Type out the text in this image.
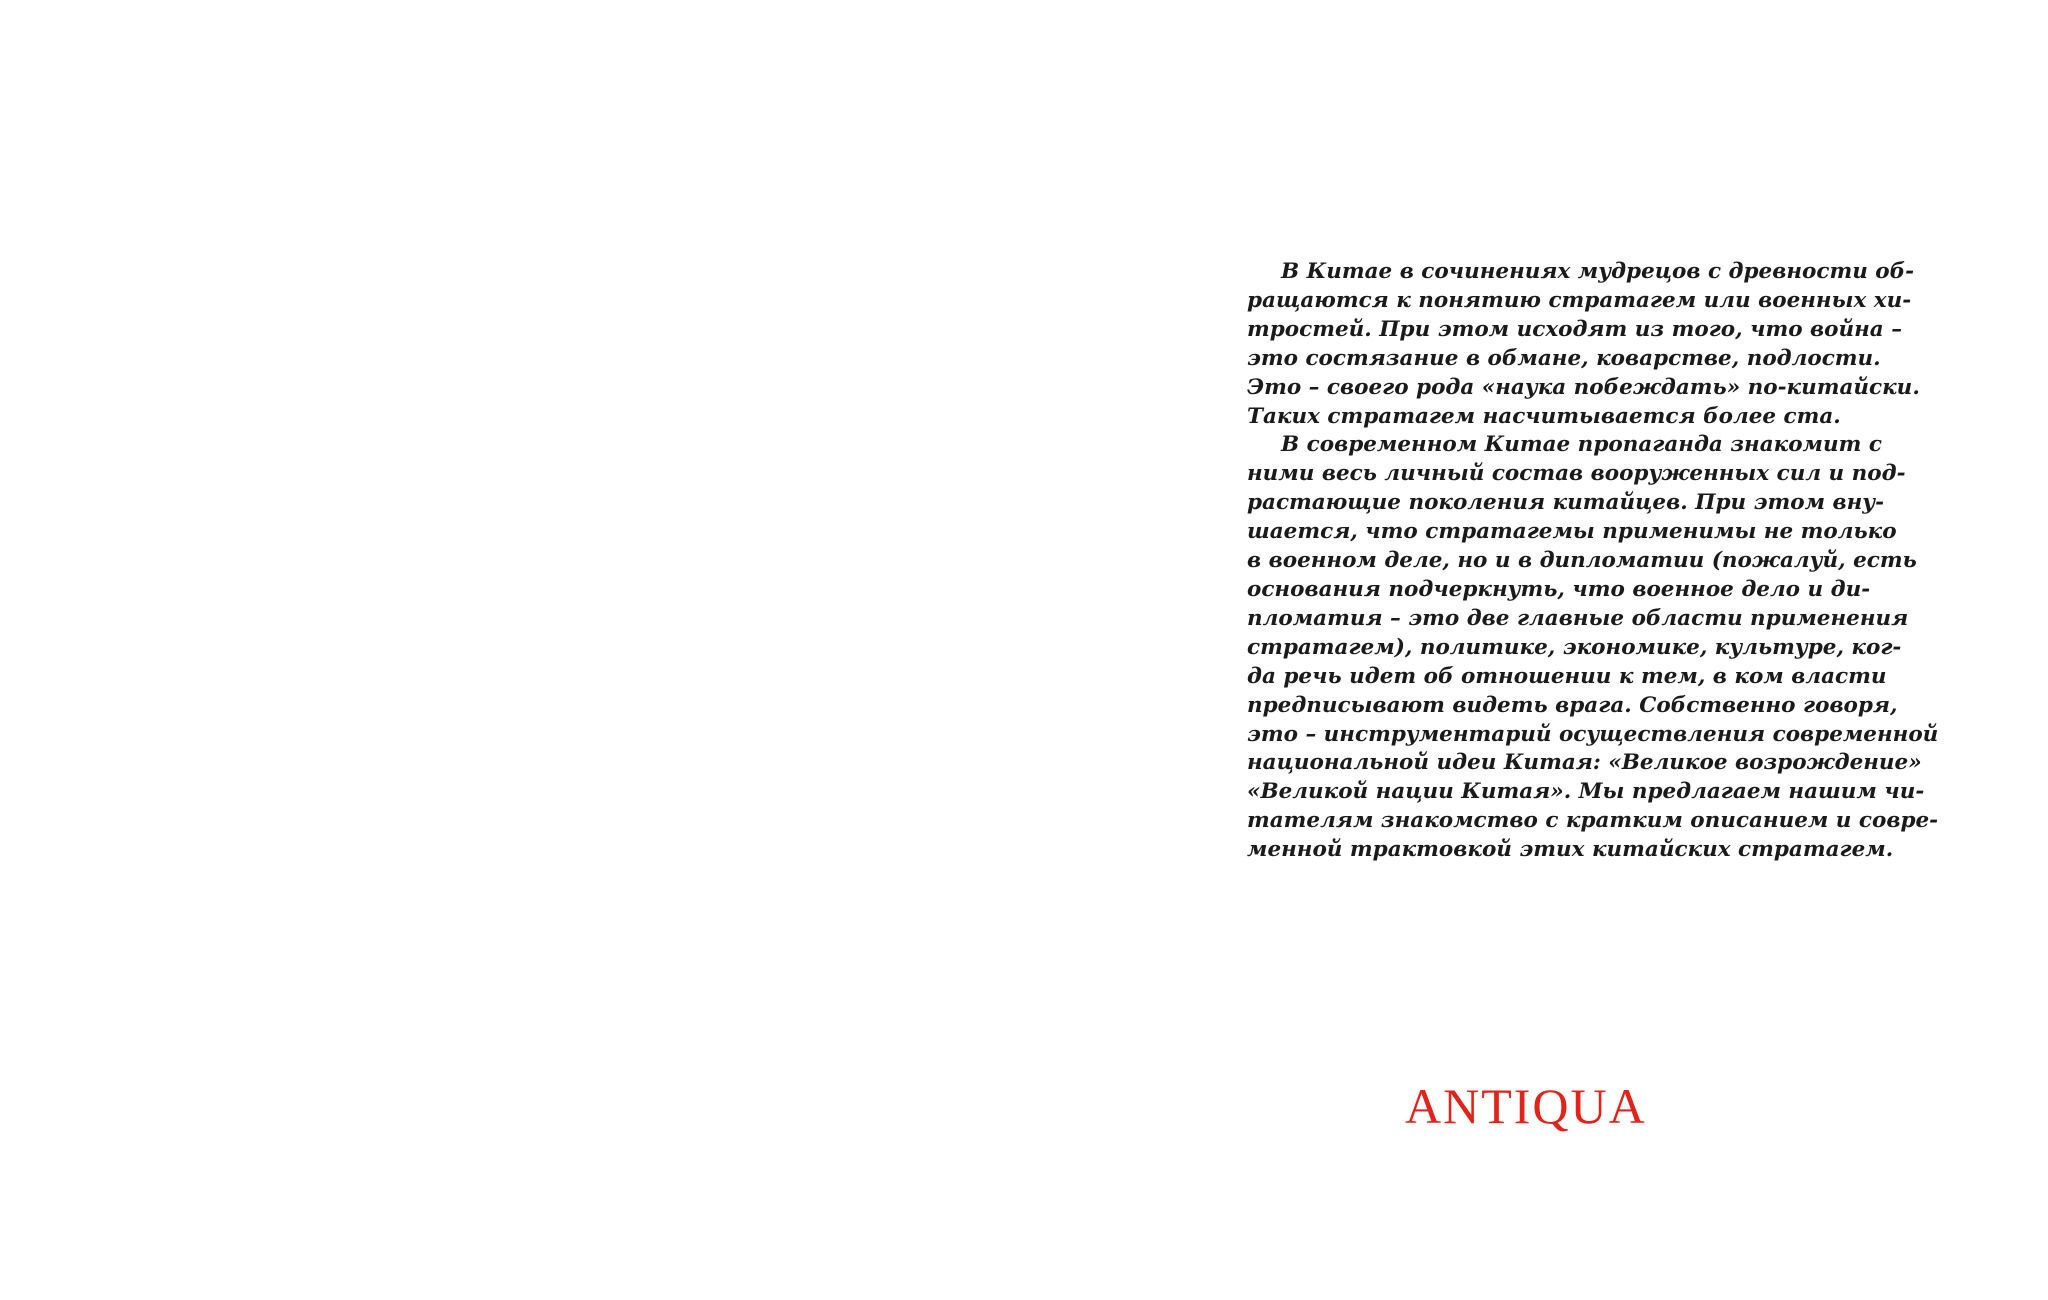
В Китае в сочинениях мудрецов с древности об-
ращаются к понятию стратагем или военных хи-
тростей. При этом исходят из того, что война –
это состязание в обмане, коварстве, подлости.
Это – своего рода «наука побеждать» по-китайски.
Таких стратагем насчитывается более ста.
В современном Китае пропаганда знакомит с
ними весь личный состав вооруженных сил и под-
растающие поколения китайцев. При этом вну-
шается, что стратагемы применимы не только
в военном деле, но и в дипломатии (пожалуй, есть
основания подчеркнуть, что военное дело и ди-
пломатия – это две главные области применения
стратагем), политике, экономике, культуре, ког-
да речь идет об отношении к тем, в ком власти
предписывают видеть врага. Собственно говоря,
это – инструментарий осуществления современной
национальной идеи Китая: «Великое возрождение»
«Великой нации Китая». Мы предлагаем нашим чи-
тателям знакомство с кратким описанием и совре-
менной трактовкой этих китайских стратагем.
ANTIQUA
